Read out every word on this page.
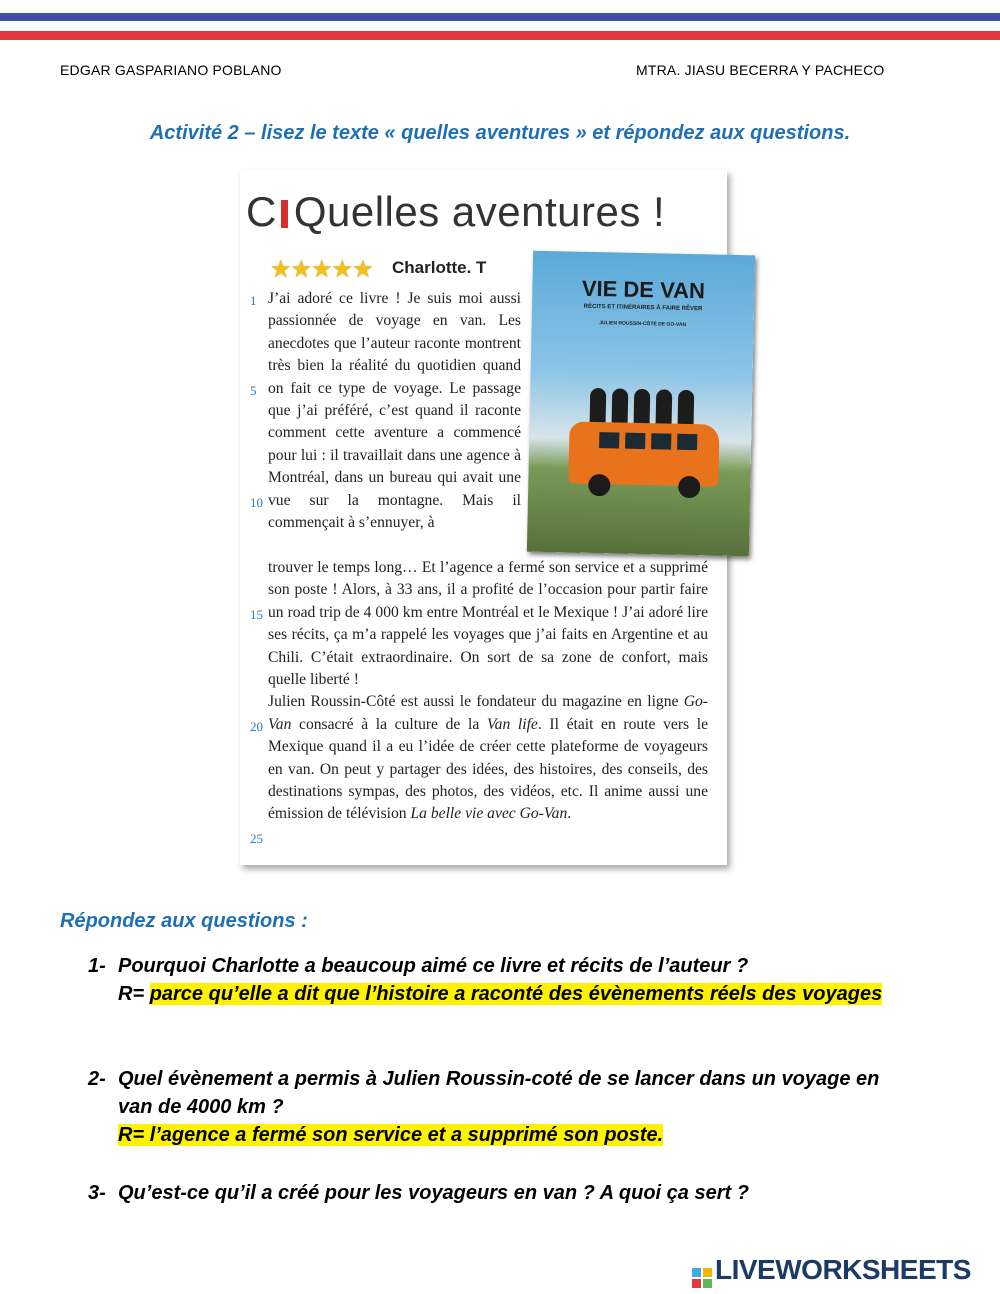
EDGAR GASPARIANO POBLANO	MTRA. JIASU BECERRA Y PACHECO
Activité 2 – lisez le texte « quelles aventures » et répondez aux questions.
C Quelles aventures !
★★★★★ Charlotte. T
1
5
10
15
20
25
J’ai adoré ce livre ! Je suis moi aussi passionnée de voyage en van. Les anecdotes que l’auteur raconte montrent très bien la réalité du quotidien quand on fait ce type de voyage. Le passage que j’ai préféré, c’est quand il raconte comment cette aventure a commencé pour lui : il travaillait dans une agence à Montréal, dans un bureau qui avait une vue sur la montagne. Mais il commençait à s’ennuyer, à
trouver le temps long… Et l’agence a fermé son service et a supprimé son poste ! Alors, à 33 ans, il a profité de l’occasion pour partir faire un road trip de 4 000 km entre Montréal et le Mexique ! J’ai adoré lire ses récits, ça m’a rappelé les voyages que j’ai faits en Argentine et au Chili. C’était extraordinaire. On sort de sa zone de confort, mais quelle liberté !
Julien Roussin-Côté est aussi le fondateur du magazine en ligne Go-Van consacré à la culture de la Van life. Il était en route vers le Mexique quand il a eu l’idée de créer cette plateforme de voyageurs en van. On peut y partager des idées, des histoires, des conseils, des destinations sympas, des photos, des vidéos, etc. Il anime aussi une émission de télévision La belle vie avec Go-Van.
VIE DE VAN
RÉCITS ET ITINÉRAIRES À FAIRE RÊVER
JULIEN ROUSSIN-CÔTÉ DE GO-VAN
Répondez aux questions :
1- Pourquoi Charlotte a beaucoup aimé ce livre et récits de l’auteur ?
R= parce qu’elle a dit que l’histoire a raconté des évènements réels des voyages
2- Quel évènement a permis à Julien Roussin-coté de se lancer dans un voyage en van de 4000 km ?
R= l’agence a fermé son service et a supprimé son poste.
3- Qu’est-ce qu’il a créé pour les voyageurs en van ? A quoi ça sert ?
LIVEWORKSHEETS
